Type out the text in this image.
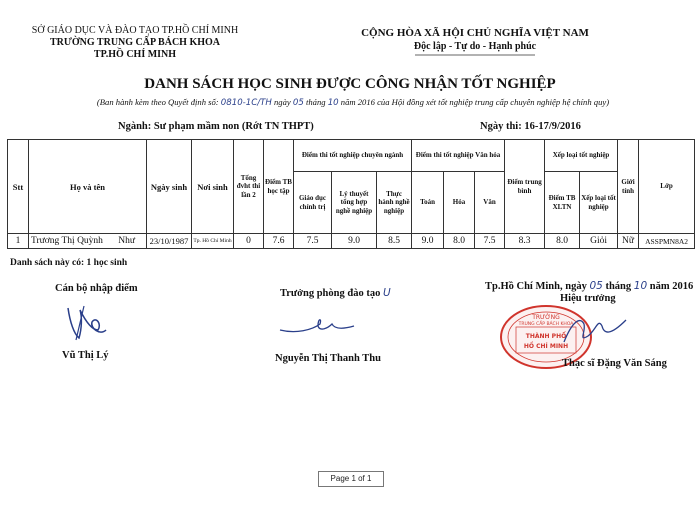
SỞ GIÁO DỤC VÀ ĐÀO TẠO TP.HỒ CHÍ MINH
TRƯỜNG TRUNG CẤP BÁCH KHOA
TP.HỒ CHÍ MINH
CỘNG HÒA XÃ HỘI CHỦ NGHĨA VIỆT NAM
Độc lập - Tự do - Hạnh phúc
DANH SÁCH HỌC SINH ĐƯỢC CÔNG NHẬN TỐT NGHIỆP
(Ban hành kèm theo Quyết định số: 0810-1C/TH ngày 05 tháng 10 năm 2016 của Hội đồng xét tốt nghiệp trung cấp chuyên nghiệp hệ chính quy)
Ngành: Sư phạm mầm non (Rớt TN THPT)	Ngày thi: 16-17/9/2016
Stt	Họ và tên	Ngày sinh	Nơi sinh	Tổng đvht thi lần 2	Điểm TB học tập	Điểm thi tốt nghiệp chuyên ngành			Điểm thi tốt nghiệp Văn hóa			Điểm trung bình	Xếp loại tốt nghiệp		Giới tính	Lớp
						Giáo dục chính trị	Lý thuyết tổng hợp nghề nghiệp	Thực hành nghề nghiệp	Toán	Hóa	Văn		Điểm TB XLTN	Xếp loại tốt nghiệp		
1	Trương Thị Quỳnh Như	23/10/1987	Tp. Hồ Chí Minh	0	7.6	7.5	9.0	8.5	9.0	8.0	7.5	8.3	8.0	Giỏi	Nữ	ASSPMN8A2
Danh sách này có: 1 học sinh
Cán bộ nhập điểm	Trưởng phòng đào tạo U
Tp.Hồ Chí Minh, ngày 05 tháng 10 năm 2016
Hiệu trưởng
TRƯỜNG
TRUNG CẤP BÁCH KHOA
THÀNH PHỐ
HỒ CHÍ MINH
Vũ Thị Lý	Nguyễn Thị Thanh Thu	Thạc sĩ Đặng Văn Sáng
Page 1 of 1
